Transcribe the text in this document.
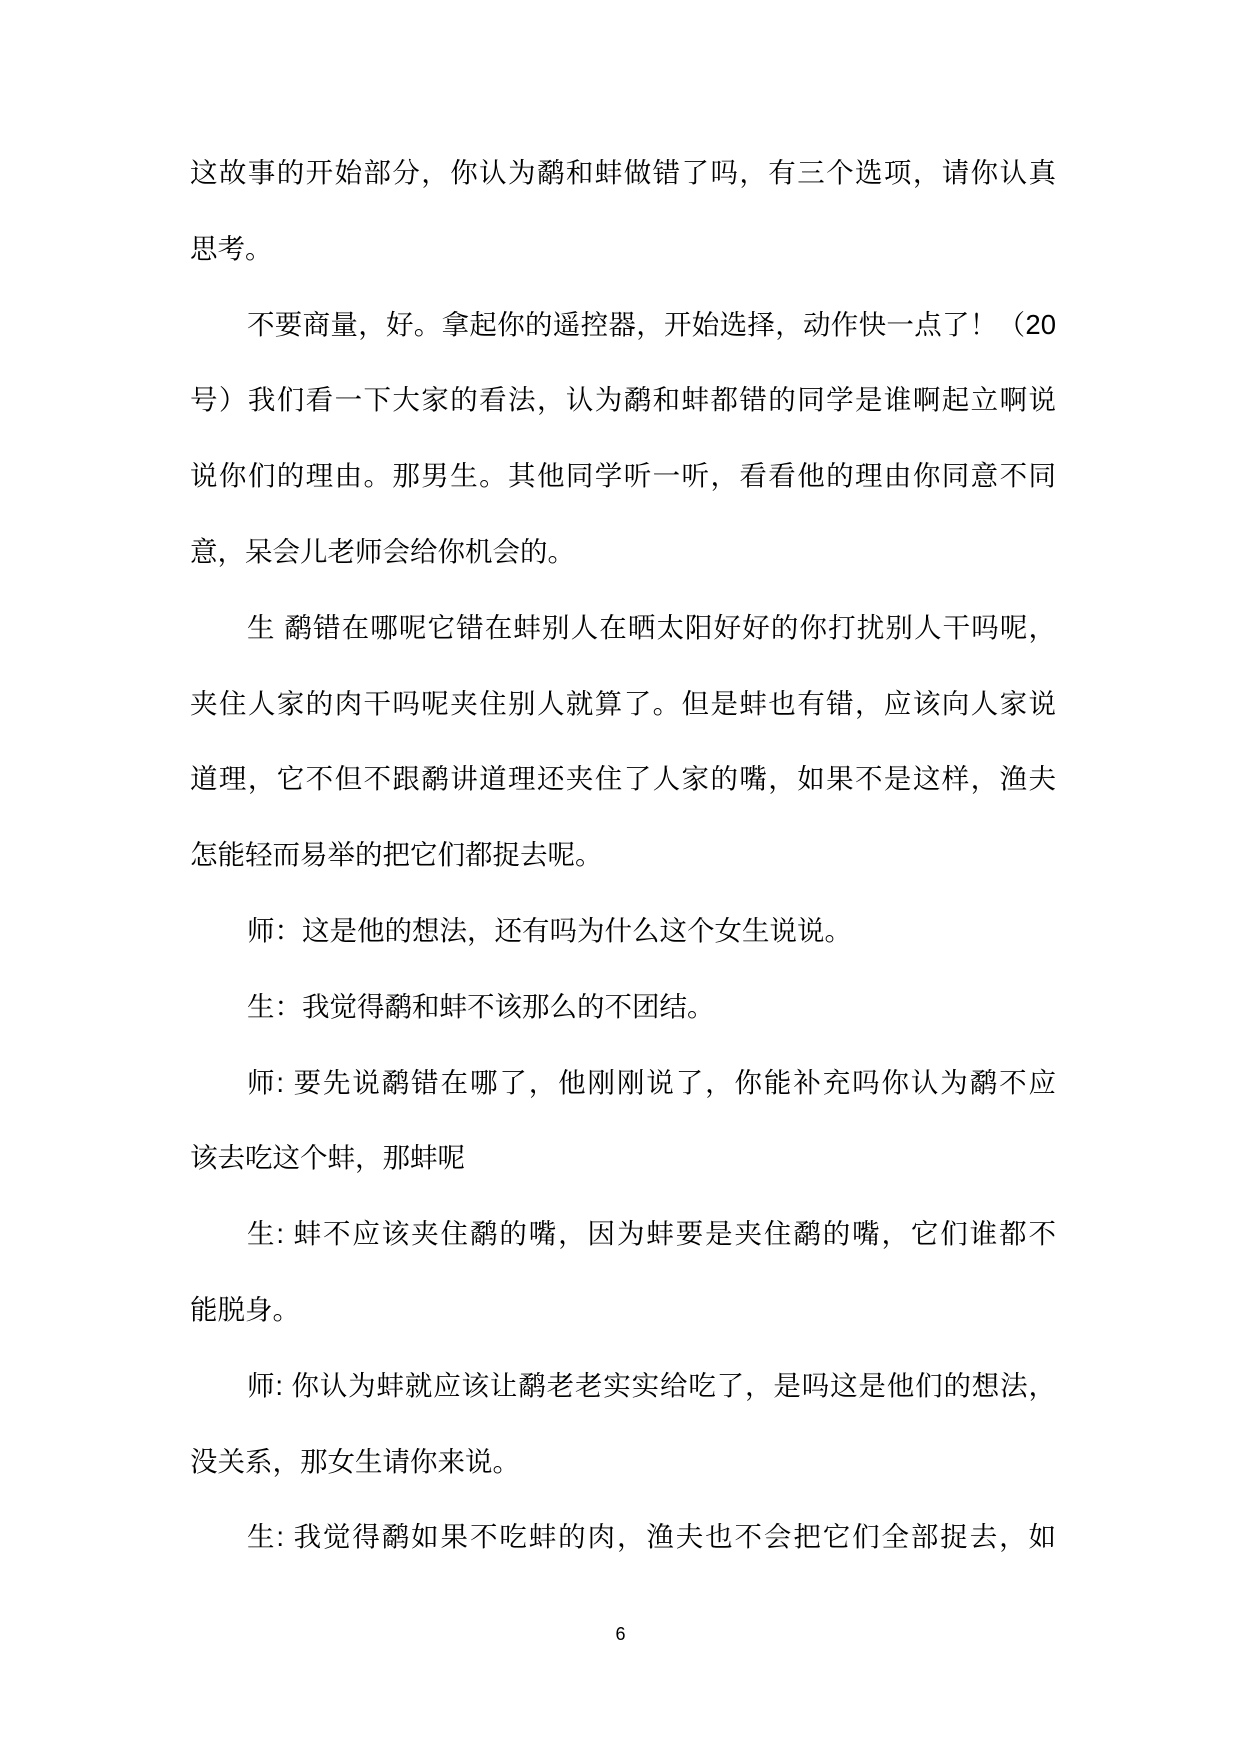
这故事的开始部分，你认为鹬和蚌做错了吗，有三个选项，请你认真
思考。

不要商量，好。拿起你的遥控器，开始选择，动作快一点了！（20
号）我们看一下大家的看法，认为鹬和蚌都错的同学是谁啊起立啊说
说你们的理由。那男生。其他同学听一听，看看他的理由你同意不同
意，呆会儿老师会给你机会的。

生 鹬错在哪呢它错在蚌别人在晒太阳好好的你打扰别人干吗呢，
夹住人家的肉干吗呢夹住别人就算了。但是蚌也有错，应该向人家说
道理，它不但不跟鹬讲道理还夹住了人家的嘴，如果不是这样，渔夫
怎能轻而易举的把它们都捉去呢。

师：这是他的想法，还有吗为什么这个女生说说。

生：我觉得鹬和蚌不该那么的不团结。

师: 要先说鹬错在哪了，他刚刚说了，你能补充吗你认为鹬不应
该去吃这个蚌，那蚌呢

生: 蚌不应该夹住鹬的嘴，因为蚌要是夹住鹬的嘴，它们谁都不
能脱身。

师: 你认为蚌就应该让鹬老老实实给吃了，是吗这是他们的想法，
没关系，那女生请你来说。

生: 我觉得鹬如果不吃蚌的肉，渔夫也不会把它们全部捉去，如

6
